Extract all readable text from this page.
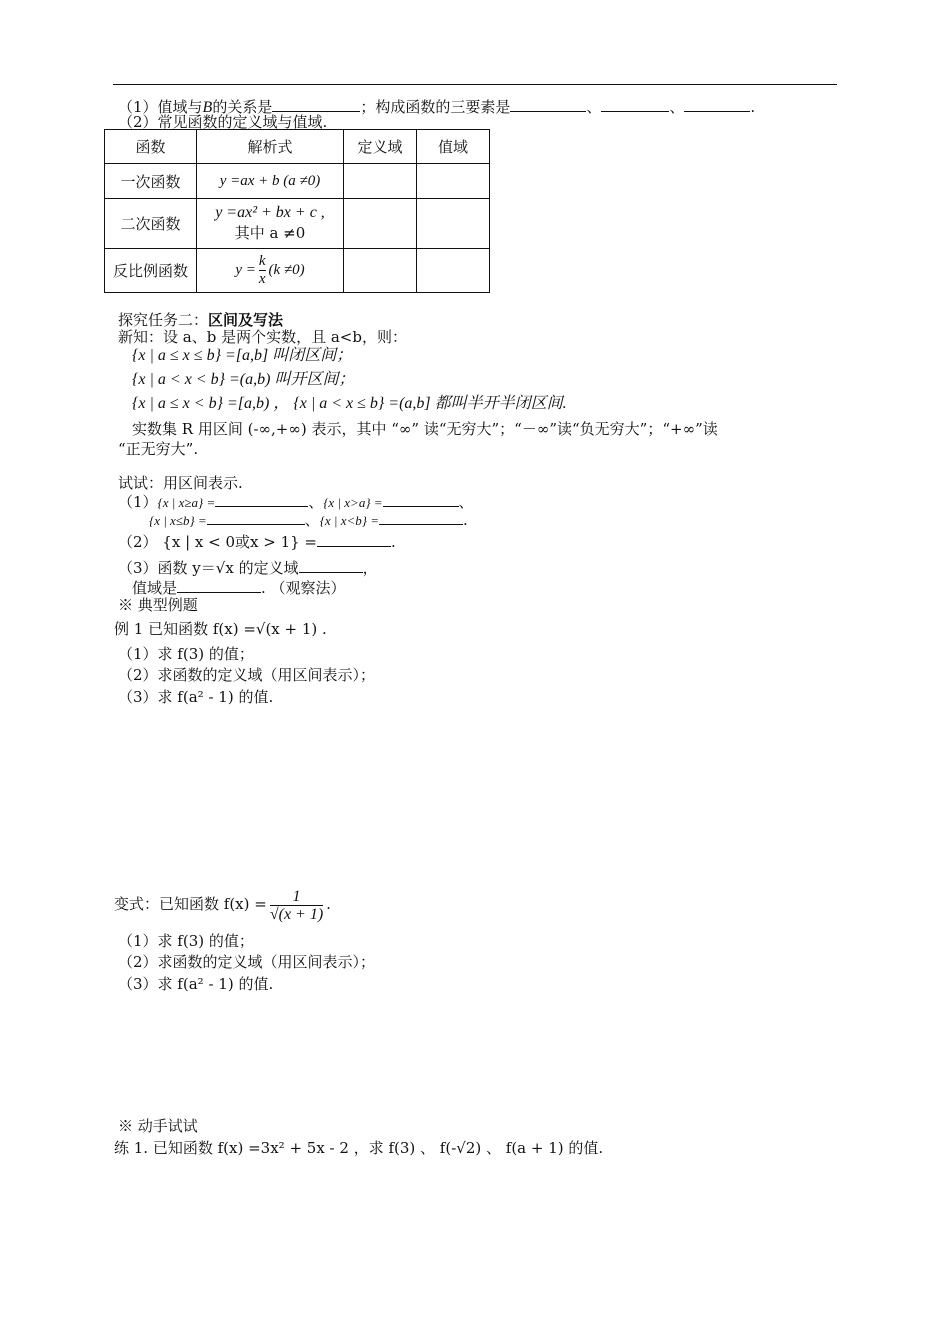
（1）值域与B的关系是	；构成函数的三要素是	、	、	.
（2）常见函数的定义域与值域.
函数	解析式	定义域	值域
一次函数	y =ax + b (a ≠0)		
二次函数	y =ax² + bx + c ,
其中 a ≠0		

反比例函数	$y = \frac{k}{x} (k \ne 0)$		
探究任务二：区间及写法
新知：设 a、b 是两个实数，且 a<b，则：
{x | a ≤ x ≤ b} =[a,b] 叫闭区间；
{x | a < x < b} =(a,b) 叫开区间；
{x | a ≤ x < b} =[a,b) ， {x | a < x ≤ b} =(a,b] 都叫半开半闭区间.
实数集 R 用区间 (-∞,+∞) 表示，其中 “∞” 读“无穷大”；“－∞”读“负无穷大”；“+∞”读
“正无穷大”.
试试：用区间表示.
（1）{x | x≥a} =	、{x | x>a} =	、
{x | x≤b} =	、{x | x<b} =	.
（2） {x | x < 0或x > 1} =	.
（3）函数 y＝√x 的定义域	，
值域是	. （观察法）
※ 典型例题
例 1 已知函数 f(x) =√(x + 1) .
（1）求 f(3) 的值；
（2）求函数的定义域（用区间表示）；
（3）求 f(a² - 1) 的值.
变式：已知函数 $f(x) = \frac{1}{√(x + 1)}$ .
（1）求 f(3) 的值；
（2）求函数的定义域（用区间表示）；
（3）求 f(a² - 1) 的值.
※ 动手试试
练 1. 已知函数 f(x) =3x² + 5x - 2 ，求 f(3) 、 f(-√2) 、 f(a + 1) 的值.
